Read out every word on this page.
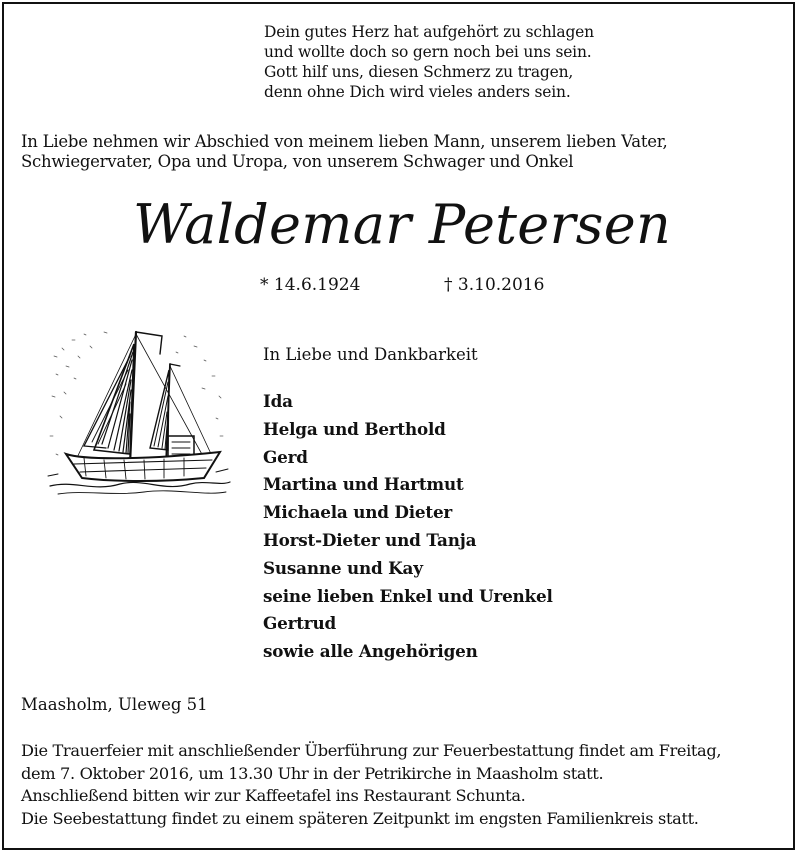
Dein gutes Herz hat aufgehört zu schlagen
und wollte doch so gern noch bei uns sein.
Gott hilf uns, diesen Schmerz zu tragen,
denn ohne Dich wird vieles anders sein.
In Liebe nehmen wir Abschied von meinem lieben Mann, unserem lieben Vater,
Schwiegervater, Opa und Uropa, von unserem Schwager und Onkel
Waldemar Petersen
* 14.6.1924	† 3.10.2016
In Liebe und Dankbarkeit
Ida
Helga und Berthold
Gerd
Martina und Hartmut
Michaela und Dieter
Horst-Dieter und Tanja
Susanne und Kay
seine lieben Enkel und Urenkel
Gertrud
sowie alle Angehörigen
Maasholm, Uleweg 51
Die Trauerfeier mit anschließender Überführung zur Feuerbestattung findet am Freitag,
dem 7. Oktober 2016, um 13.30 Uhr in der Petrikirche in Maasholm statt.
Anschließend bitten wir zur Kaffeetafel ins Restaurant Schunta.
Die Seebestattung findet zu einem späteren Zeitpunkt im engsten Familienkreis statt.
